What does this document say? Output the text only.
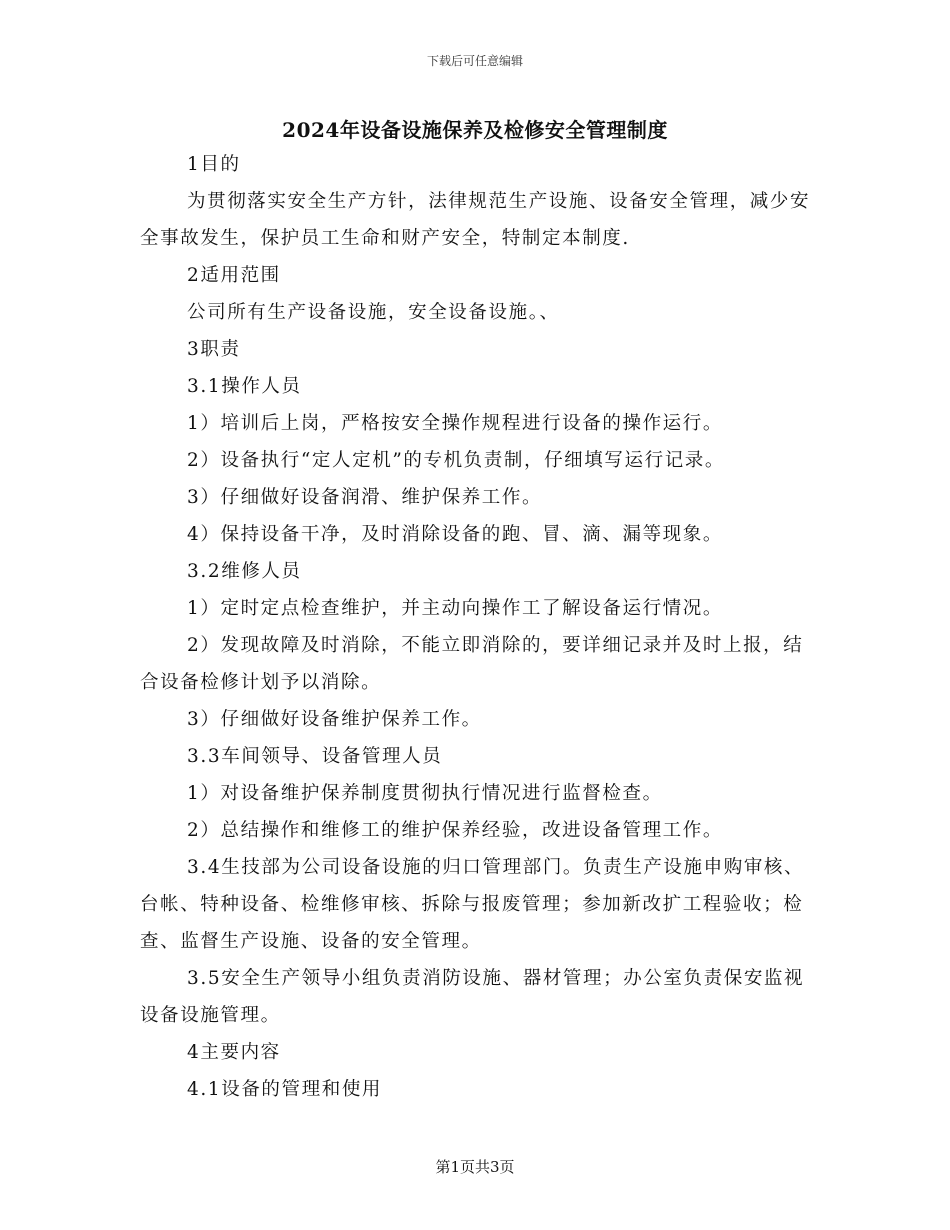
下载后可任意编辑
2024年设备设施保养及检修安全管理制度

1目的

为贯彻落实安全生产方针，法律规范生产设施、设备安全管理，减少安全事故发生，保护员工生命和财产安全，特制定本制度.

2适用范围

公司所有生产设备设施，安全设备设施。、

3职责

3.1操作人员

1）培训后上岗，严格按安全操作规程进行设备的操作运行。

2）设备执行“定人定机”的专机负责制，仔细填写运行记录。

3）仔细做好设备润滑、维护保养工作。

4）保持设备干净，及时消除设备的跑、冒、滴、漏等现象。

3.2维修人员

1）定时定点检查维护，并主动向操作工了解设备运行情况。

2）发现故障及时消除，不能立即消除的，要详细记录并及时上报，结合设备检修计划予以消除。

3）仔细做好设备维护保养工作。

3.3车间领导、设备管理人员

1）对设备维护保养制度贯彻执行情况进行监督检查。

2）总结操作和维修工的维护保养经验，改进设备管理工作。

3.4生技部为公司设备设施的归口管理部门。负责生产设施申购审核、台帐、特种设备、检维修审核、拆除与报废管理；参加新改扩工程验收；检查、监督生产设施、设备的安全管理。

3.5安全生产领导小组负责消防设施、器材管理；办公室负责保安监视设备设施管理。

4主要内容

4.1设备的管理和使用

第1页共3页
